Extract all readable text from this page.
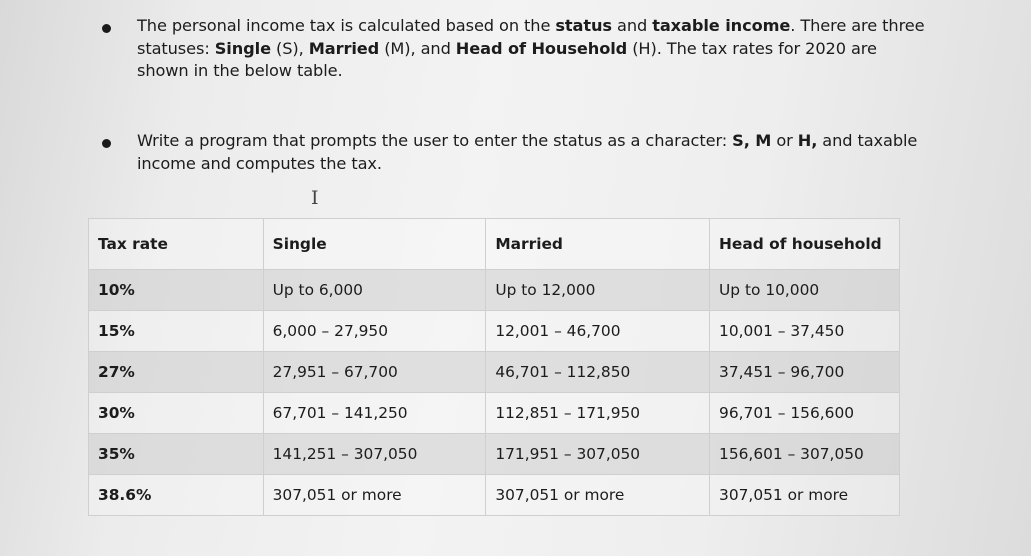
The personal income tax is calculated based on the status and taxable income. There are three statuses: Single (S), Married (M), and Head of Household (H). The tax rates for 2020 are shown in the below table.
Write a program that prompts the user to enter the status as a character: S, M or H, and taxable income and computes the tax.
I
Tax rate	Single	Married	Head of household
10%	Up to 6,000	Up to 12,000	Up to 10,000
15%	6,000 – 27,950	12,001 – 46,700	10,001 – 37,450
27%	27,951 – 67,700	46,701 – 112,850	37,451 – 96,700
30%	67,701 – 141,250	112,851 – 171,950	96,701 – 156,600
35%	141,251 – 307,050	171,951 – 307,050	156,601 – 307,050
38.6%	307,051 or more	307,051 or more	307,051 or more
